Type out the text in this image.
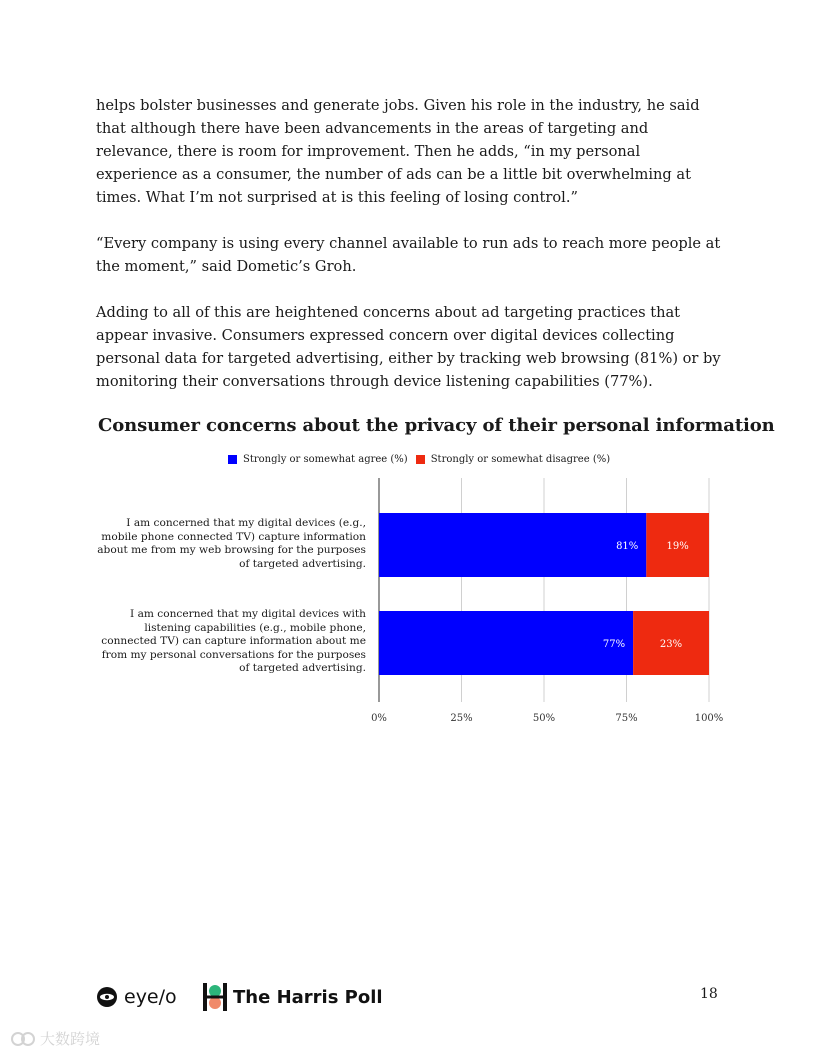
helps bolster businesses and generate jobs. Given his role in the industry, he said that although there have been advancements in the areas of targeting and relevance, there is room for improvement. Then he adds, “in my personal experience as a consumer, the number of ads can be a little bit overwhelming at times. What I’m not surprised at is this feeling of losing control.”

“Every company is using every channel available to run ads to reach more people at the moment,” said Dometic’s Groh.

Adding to all of this are heightened concerns about ad targeting practices that appear invasive. Consumers expressed concern over digital devices collecting personal data for targeted advertising, either by tracking web browsing (81%) or by monitoring their conversations through device listening capabilities (77%).

Consumer concerns about the privacy of their personal information
Strongly or somewhat agree (%) Strongly or somewhat disagree (%)
I am concerned that my digital devices (e.g., mobile phone connected TV) capture information about me from my web browsing for the purposes of targeted advertising.
I am concerned that my digital devices with listening capabilities (e.g., mobile phone, connected TV) can capture information about me from my personal conversations for the purposes of targeted advertising.
0%	25%	50%	75%	100%
81%	19%
77%	23%
eye/o	The Harris Poll	18
大数跨境
